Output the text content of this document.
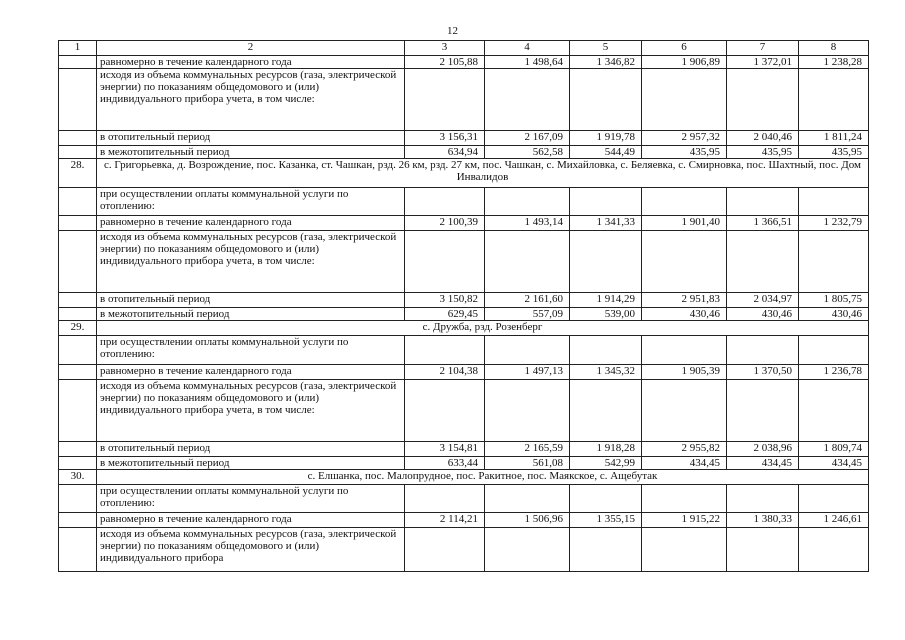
12
1	2	3	4	5	6	7	8
	равномерно в течение календарного года	2 105,88	1 498,64	1 346,82	1 906,89	1 372,01	1 238,28
	исходя из объема коммунальных ресурсов (газа, электрической энергии) по показаниям общедомового и (или) индивидуального прибора учета, в том числе:						
	в отопительный период	3 156,31	2 167,09	1 919,78	2 957,32	2 040,46	1 811,24
	в межотопительный период	634,94	562,58	544,49	435,95	435,95	435,95
28.	с. Григорьевка, д. Возрождение, пос. Казанка, ст. Чашкан, рзд. 26 км, рзд. 27 км, пос. Чашкан, с. Михайловка, с. Беляевка, с. Смирновка, пос. Шахтный, пос. Дом Инвалидов						
	при осуществлении оплаты коммунальной услуги по отоплению:						
	равномерно в течение календарного года	2 100,39	1 493,14	1 341,33	1 901,40	1 366,51	1 232,79
	исходя из объема коммунальных ресурсов (газа, электрической энергии) по показаниям общедомового и (или) индивидуального прибора учета, в том числе:						
	в отопительный период	3 150,82	2 161,60	1 914,29	2 951,83	2 034,97	1 805,75
	в межотопительный период	629,45	557,09	539,00	430,46	430,46	430,46
29.	с. Дружба, рзд. Розенберг						
	при осуществлении оплаты коммунальной услуги по отоплению:						
	равномерно в течение календарного года	2 104,38	1 497,13	1 345,32	1 905,39	1 370,50	1 236,78
	исходя из объема коммунальных ресурсов (газа, электрической энергии) по показаниям общедомового и (или) индивидуального прибора учета, в том числе:						
	в отопительный период	3 154,81	2 165,59	1 918,28	2 955,82	2 038,96	1 809,74
	в межотопительный период	633,44	561,08	542,99	434,45	434,45	434,45
30.	с. Елшанка, пос. Малопрудное, пос. Ракитное, пос. Маякское, с. Ащебутак						
	при осуществлении оплаты коммунальной услуги по отоплению:						
	равномерно в течение календарного года	2 114,21	1 506,96	1 355,15	1 915,22	1 380,33	1 246,61
	исходя из объема коммунальных ресурсов (газа, электрической энергии) по показаниям общедомового и (или) индивидуального прибора						
